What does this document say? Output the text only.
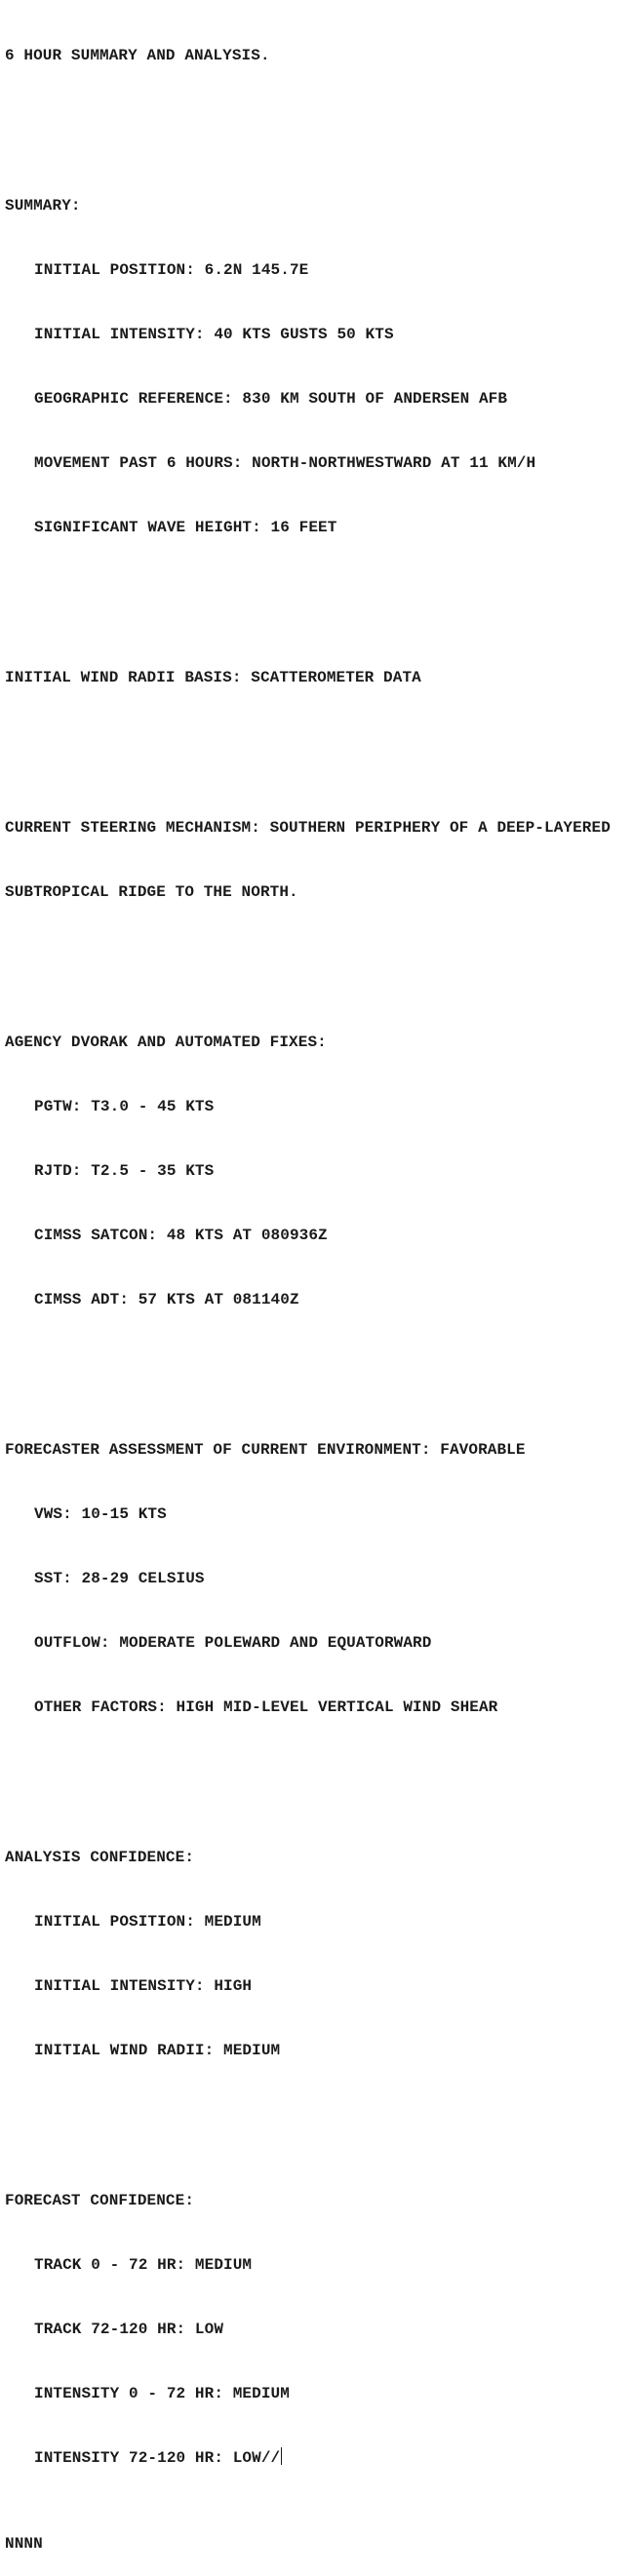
6 HOUR SUMMARY AND ANALYSIS.

SUMMARY:

INITIAL POSITION: 6.2N 145.7E

INITIAL INTENSITY: 40 KTS GUSTS 50 KTS

GEOGRAPHIC REFERENCE: 830 KM SOUTH OF ANDERSEN AFB

MOVEMENT PAST 6 HOURS: NORTH-NORTHWESTWARD AT 11 KM/H

SIGNIFICANT WAVE HEIGHT: 16 FEET

INITIAL WIND RADII BASIS: SCATTEROMETER DATA

CURRENT STEERING MECHANISM: SOUTHERN PERIPHERY OF A DEEP-LAYERED

SUBTROPICAL RIDGE TO THE NORTH.

AGENCY DVORAK AND AUTOMATED FIXES:

PGTW: T3.0 - 45 KTS

RJTD: T2.5 - 35 KTS

CIMSS SATCON: 48 KTS AT 080936Z

CIMSS ADT: 57 KTS AT 081140Z

FORECASTER ASSESSMENT OF CURRENT ENVIRONMENT: FAVORABLE

VWS: 10-15 KTS

SST: 28-29 CELSIUS

OUTFLOW: MODERATE POLEWARD AND EQUATORWARD

OTHER FACTORS: HIGH MID-LEVEL VERTICAL WIND SHEAR

ANALYSIS CONFIDENCE:

INITIAL POSITION: MEDIUM

INITIAL INTENSITY: HIGH

INITIAL WIND RADII: MEDIUM

FORECAST CONFIDENCE:

TRACK 0 - 72 HR: MEDIUM

TRACK 72-120 HR: LOW

INTENSITY 0 - 72 HR: MEDIUM

INTENSITY 72-120 HR: LOW//

NNNN
